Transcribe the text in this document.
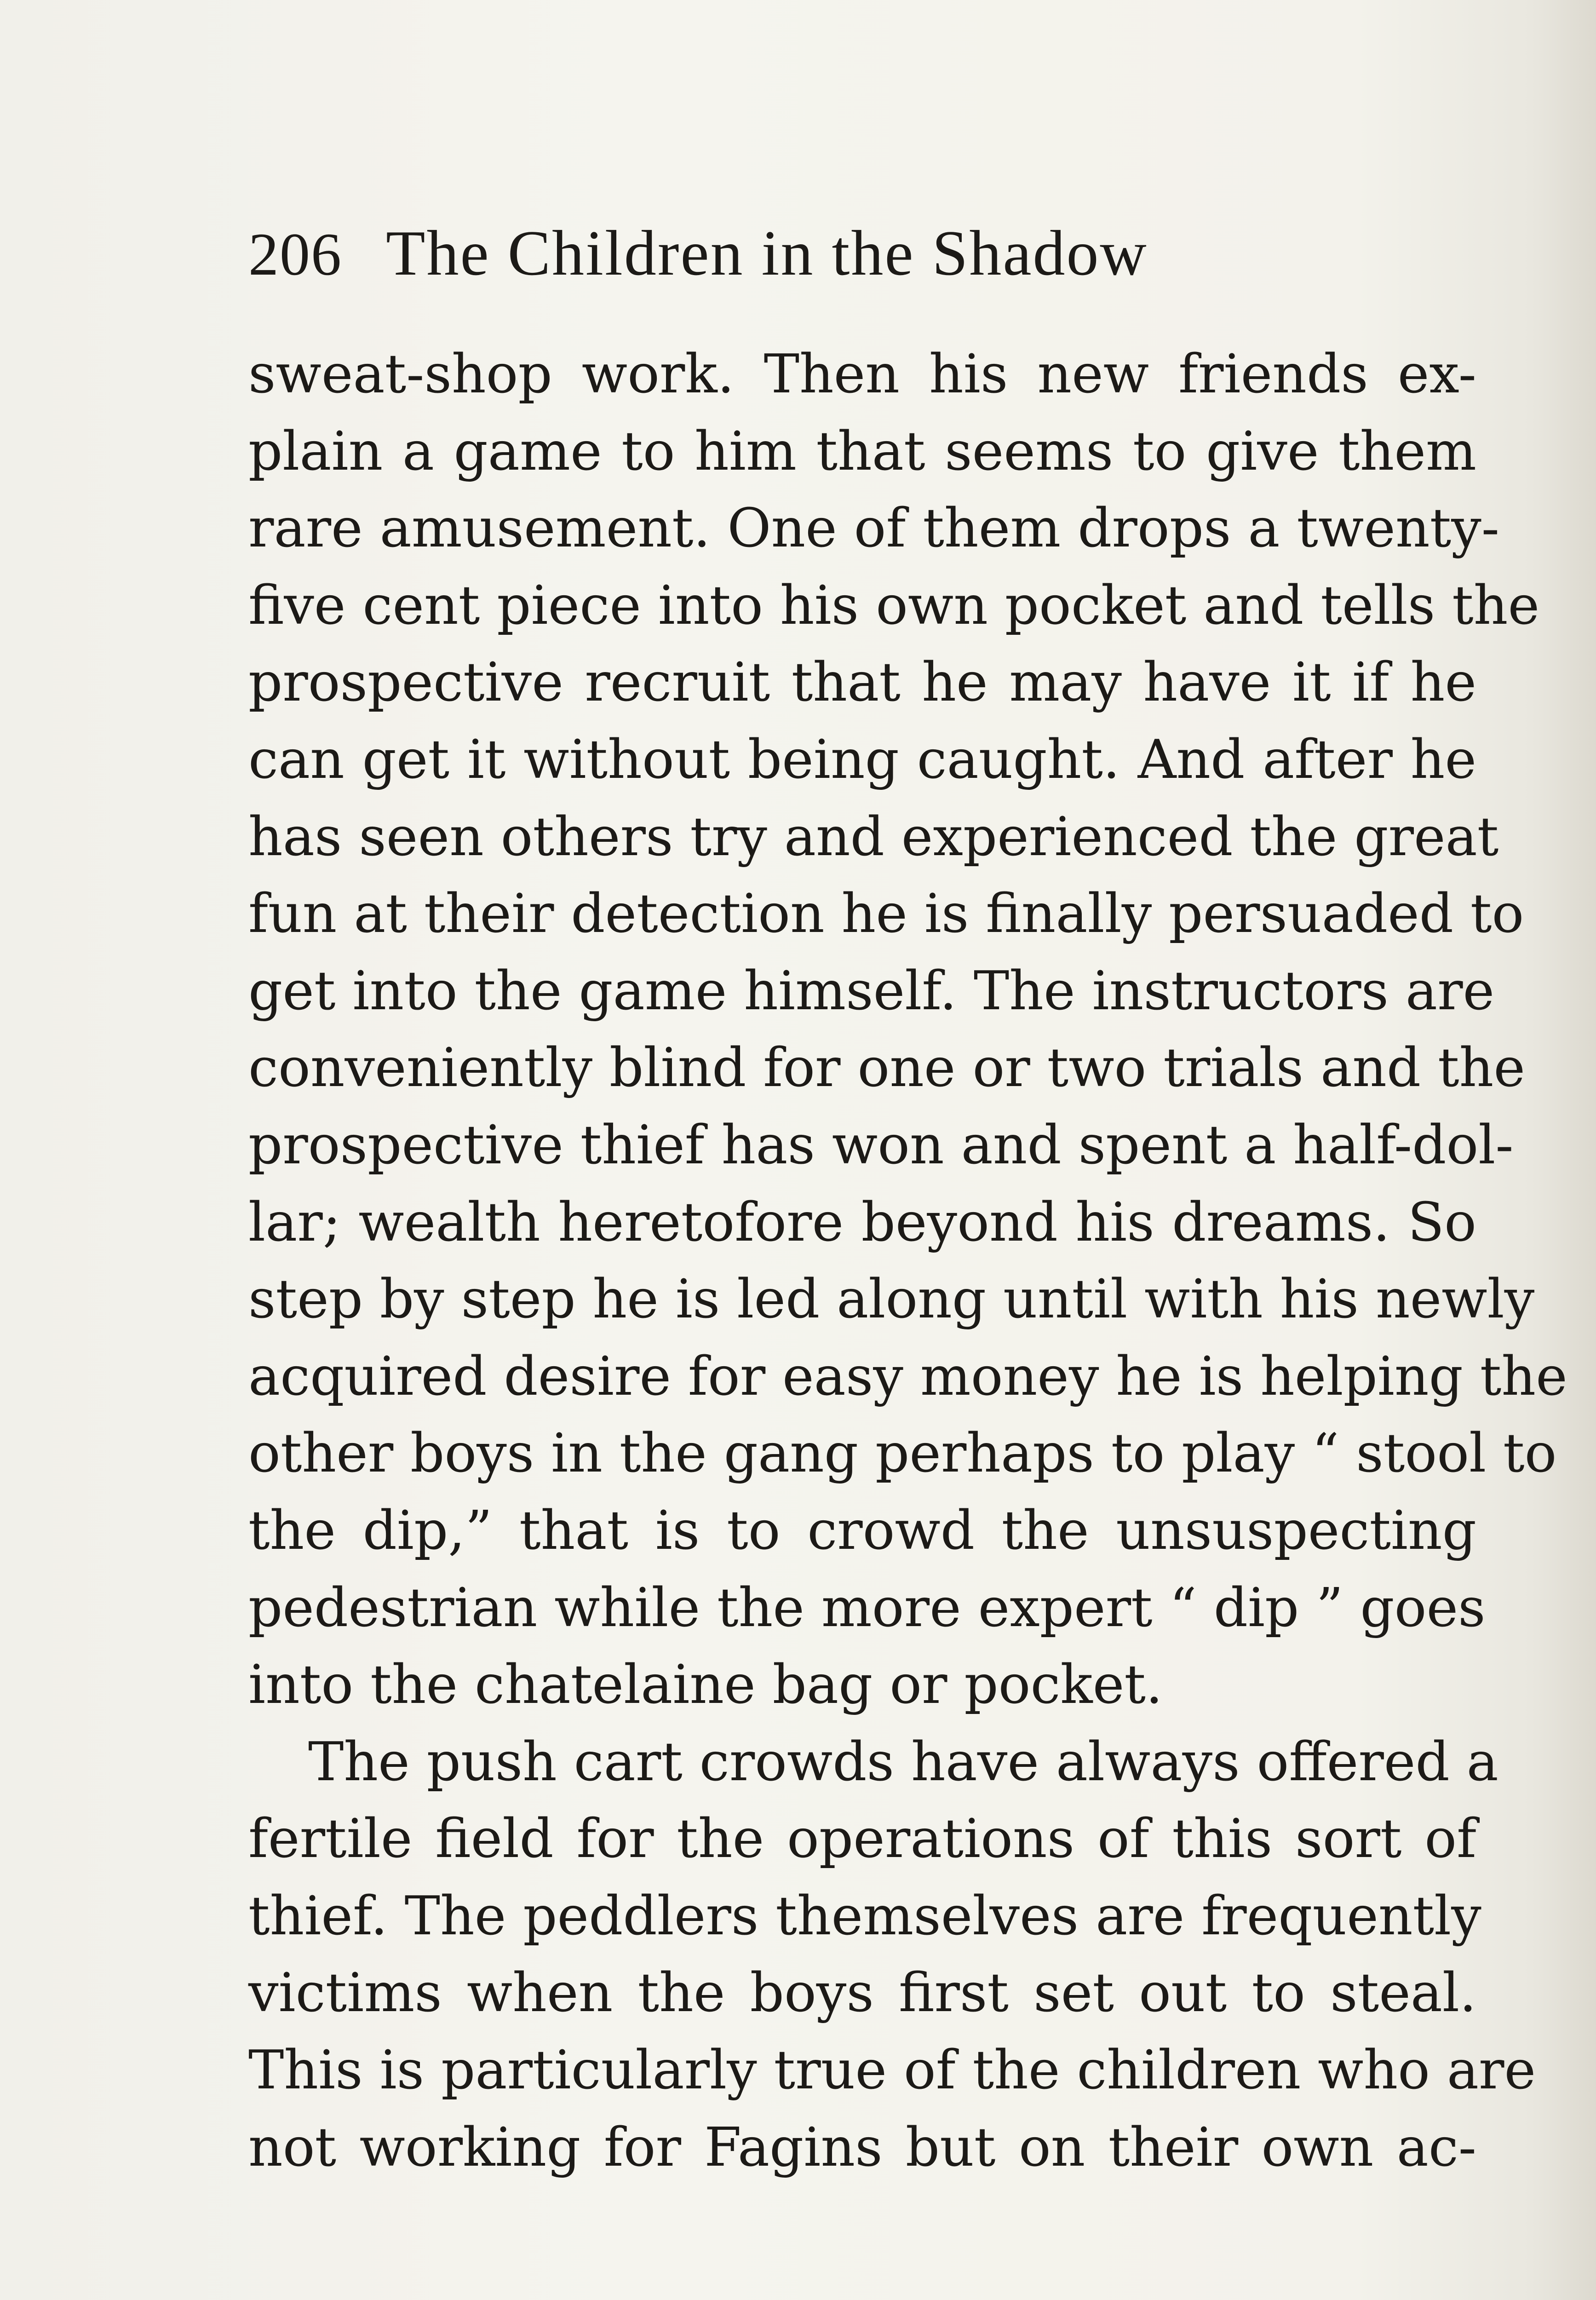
206 The Children in the Shadow
sweat-shop work. Then his new friends ex-
plain a game to him that seems to give them
rare amusement. One of them drops a twenty-
five cent piece into his own pocket and tells the
prospective recruit that he may have it if he
can get it without being caught. And after he
has seen others try and experienced the great
fun at their detection he is finally persuaded to
get into the game himself. The instructors are
conveniently blind for one or two trials and the
prospective thief has won and spent a half-dol-
lar; wealth heretofore beyond his dreams. So
step by step he is led along until with his newly
acquired desire for easy money he is helping the
other boys in the gang perhaps to play “ stool to
the dip,” that is to crowd the unsuspecting
pedestrian while the more expert “ dip ” goes
into the chatelaine bag or pocket.
The push cart crowds have always offered a
fertile field for the operations of this sort of
thief. The peddlers themselves are frequently
victims when the boys first set out to steal.
This is particularly true of the children who are
not working for Fagins but on their own ac-
